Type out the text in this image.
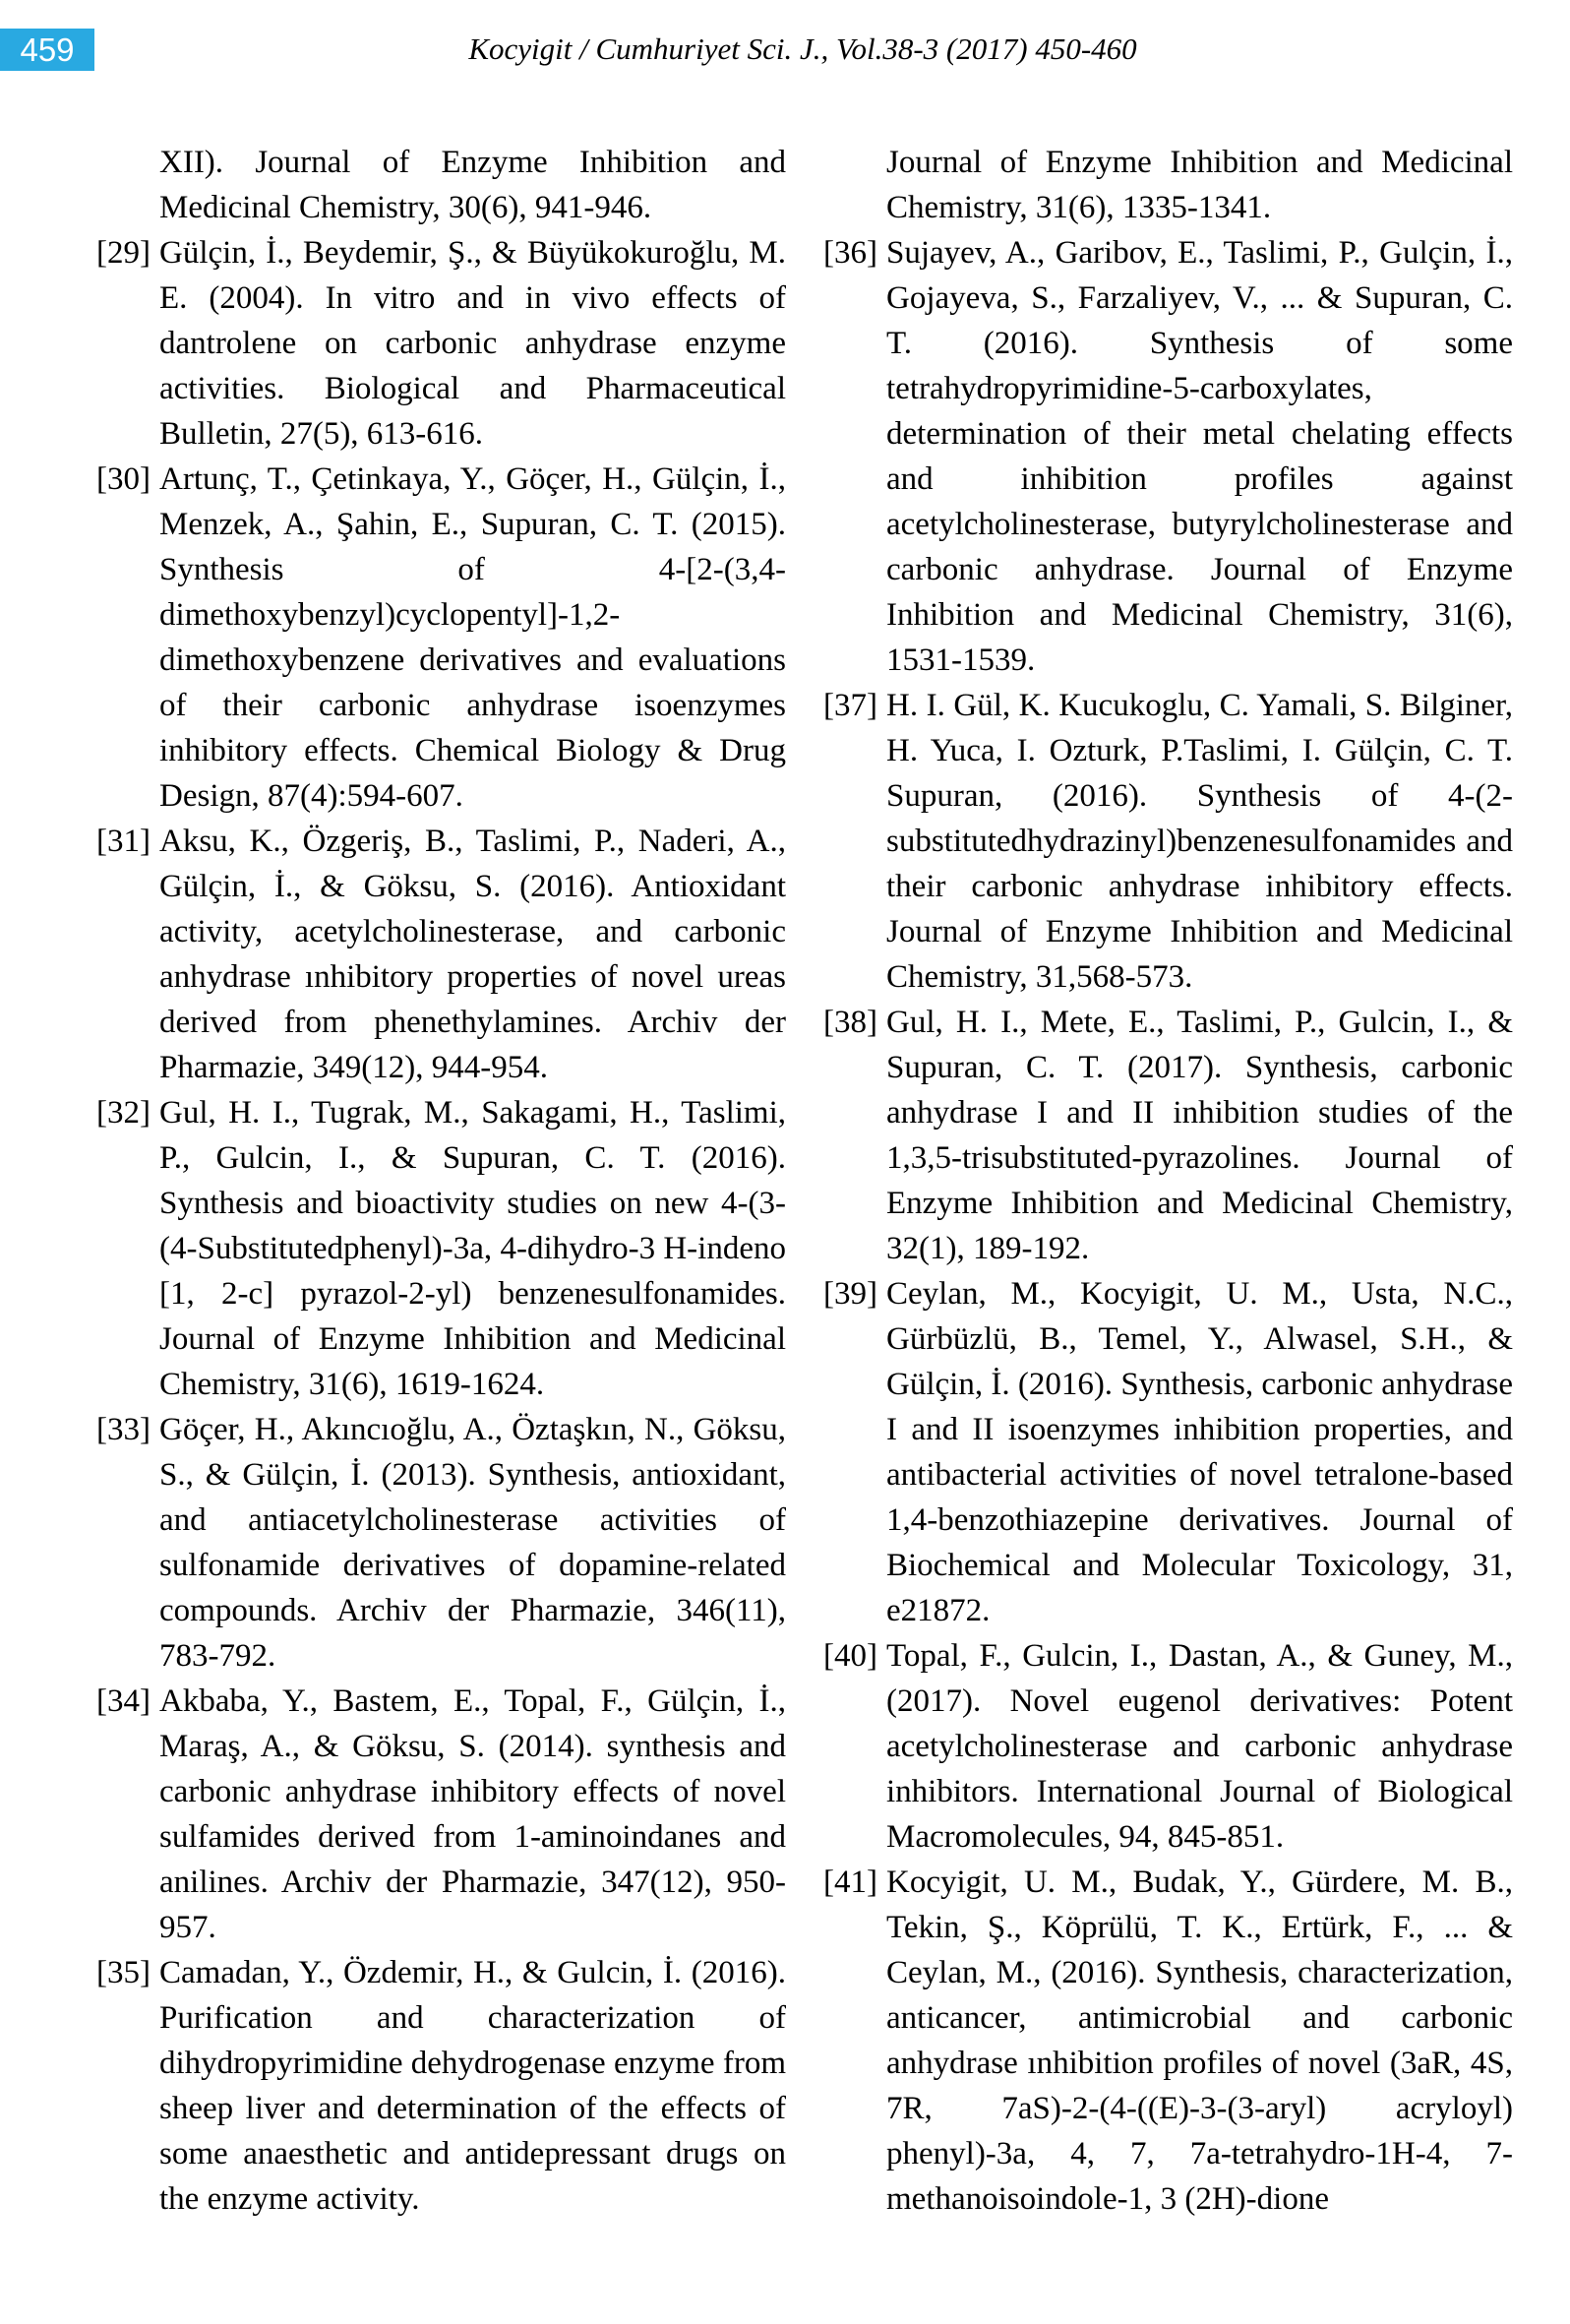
459	Kocyigit / Cumhuriyet Sci. J., Vol.38-3 (2017) 450-460

XII). Journal of Enzyme Inhibition and Medicinal Chemistry, 30(6), 941-946.

[29] Gülçin, İ., Beydemir, Ş., & Büyükokuroğlu, M. E. (2004). In vitro and in vivo effects of dantrolene on carbonic anhydrase enzyme activities. Biological and Pharmaceutical Bulletin, 27(5), 613-616.

[30] Artunç, T., Çetinkaya, Y., Göçer, H., Gülçin, İ., Menzek, A., Şahin, E., Supuran, C. T. (2015). Synthesis of 4-[2-(3,4-dimethoxybenzyl)cyclopentyl]-1,2-dimethoxybenzene derivatives and evaluations of their carbonic anhydrase isoenzymes inhibitory effects. Chemical Biology & Drug Design, 87(4):594-607.

[31] Aksu, K., Özgeriş, B., Taslimi, P., Naderi, A., Gülçin, İ., & Göksu, S. (2016). Antioxidant activity, acetylcholinesterase, and carbonic anhydrase ınhibitory properties of novel ureas derived from phenethylamines. Archiv der Pharmazie, 349(12), 944-954.

[32] Gul, H. I., Tugrak, M., Sakagami, H., Taslimi, P., Gulcin, I., & Supuran, C. T. (2016). Synthesis and bioactivity studies on new 4-(3-(4-Substitutedphenyl)-3a, 4-dihydro-3 H-indeno [1, 2-c] pyrazol-2-yl) benzenesulfonamides. Journal of Enzyme Inhibition and Medicinal Chemistry, 31(6), 1619-1624.

[33] Göçer, H., Akıncıoğlu, A., Öztaşkın, N., Göksu, S., & Gülçin, İ. (2013). Synthesis, antioxidant, and antiacetylcholinesterase activities of sulfonamide derivatives of dopamine-related compounds. Archiv der Pharmazie, 346(11), 783-792.

[34] Akbaba, Y., Bastem, E., Topal, F., Gülçin, İ., Maraş, A., & Göksu, S. (2014). synthesis and carbonic anhydrase inhibitory effects of novel sulfamides derived from 1-aminoindanes and anilines. Archiv der Pharmazie, 347(12), 950-957.

[35] Camadan, Y., Özdemir, H., & Gulcin, İ. (2016). Purification and characterization of dihydropyrimidine dehydrogenase enzyme from sheep liver and determination of the effects of some anaesthetic and antidepressant drugs on the enzyme activity.

Journal of Enzyme Inhibition and Medicinal Chemistry, 31(6), 1335-1341.

[36] Sujayev, A., Garibov, E., Taslimi, P., Gulçin, İ., Gojayeva, S., Farzaliyev, V., ... & Supuran, C. T. (2016). Synthesis of some tetrahydropyrimidine-5-carboxylates, determination of their metal chelating effects and inhibition profiles against acetylcholinesterase, butyrylcholinesterase and carbonic anhydrase. Journal of Enzyme Inhibition and Medicinal Chemistry, 31(6), 1531-1539.

[37] H. I. Gül, K. Kucukoglu, C. Yamali, S. Bilginer, H. Yuca, I. Ozturk, P.Taslimi, I. Gülçin, C. T. Supuran, (2016). Synthesis of 4-(2-substitutedhydrazinyl)benzenesulfonamides and their carbonic anhydrase inhibitory effects. Journal of Enzyme Inhibition and Medicinal Chemistry, 31,568-573.

[38] Gul, H. I., Mete, E., Taslimi, P., Gulcin, I., & Supuran, C. T. (2017). Synthesis, carbonic anhydrase I and II inhibition studies of the 1,3,5-trisubstituted-pyrazolines. Journal of Enzyme Inhibition and Medicinal Chemistry, 32(1), 189-192.

[39] Ceylan, M., Kocyigit, U. M., Usta, N.C., Gürbüzlü, B., Temel, Y., Alwasel, S.H., & Gülçin, İ. (2016). Synthesis, carbonic anhydrase I and II isoenzymes inhibition properties, and antibacterial activities of novel tetralone-based 1,4-benzothiazepine derivatives. Journal of Biochemical and Molecular Toxicology, 31, e21872.

[40] Topal, F., Gulcin, I., Dastan, A., & Guney, M., (2017). Novel eugenol derivatives: Potent acetylcholinesterase and carbonic anhydrase inhibitors. International Journal of Biological Macromolecules, 94, 845-851.

[41] Kocyigit, U. M., Budak, Y., Gürdere, M. B., Tekin, Ş., Köprülü, T. K., Ertürk, F., ... & Ceylan, M., (2016). Synthesis, characterization, anticancer, antimicrobial and carbonic anhydrase ınhibition profiles of novel (3aR, 4S, 7R, 7aS)-2-(4-((E)-3-(3-aryl) acryloyl) phenyl)-3a, 4, 7, 7a-tetrahydro-1H-4, 7-methanoisoindole-1, 3 (2H)-dione
